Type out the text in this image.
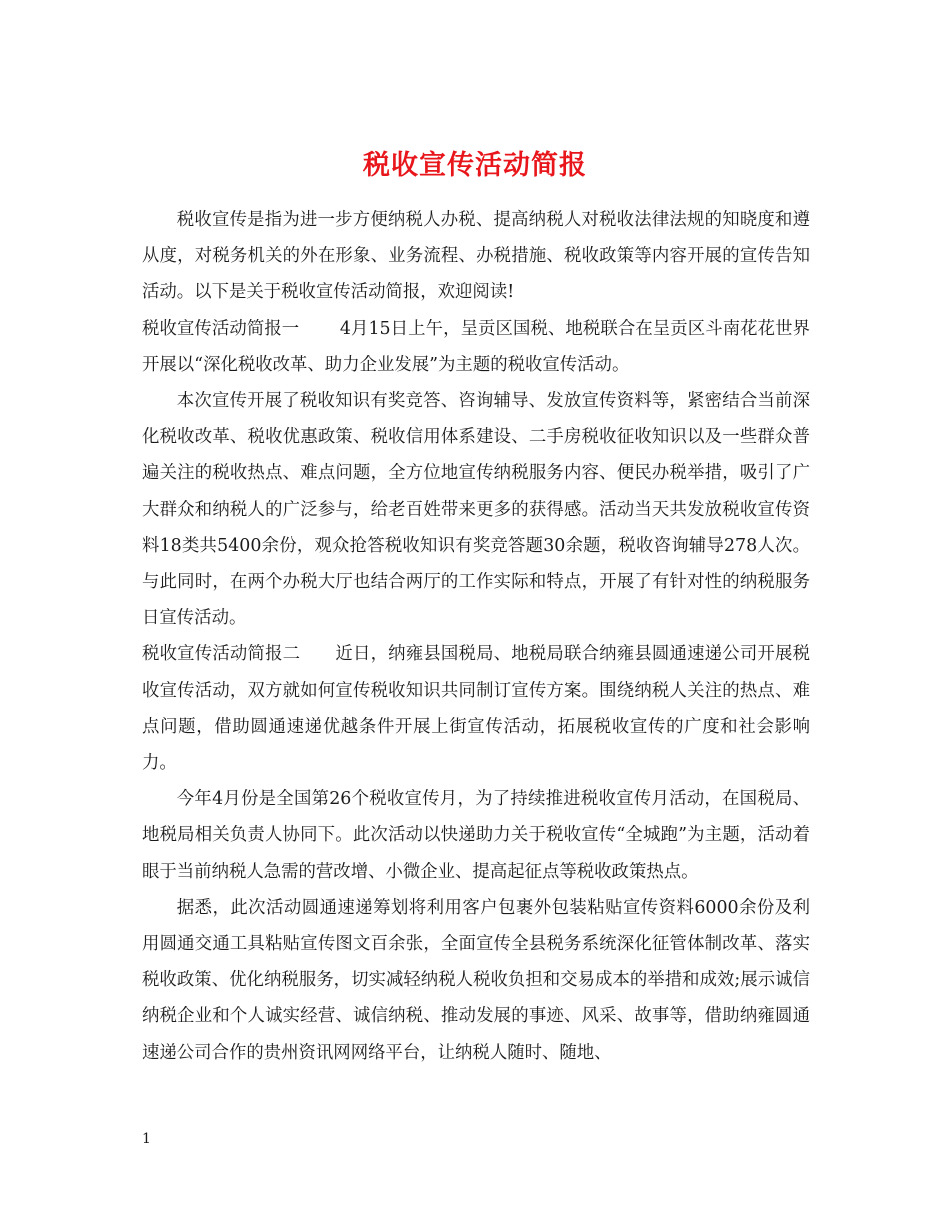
税收宣传活动简报

税收宣传是指为进一步方便纳税人办税、提高纳税人对税收法律法规的知晓度和遵从度，对税务机关的外在形象、业务流程、办税措施、税收政策等内容开展的宣传告知活动。以下是关于税收宣传活动简报，欢迎阅读!

税收宣传活动简报一　　 4月15日上午，呈贡区国税、地税联合在呈贡区斗南花花世界开展以“深化税收改革、助力企业发展”为主题的税收宣传活动。

本次宣传开展了税收知识有奖竞答、咨询辅导、发放宣传资料等，紧密结合当前深化税收改革、税收优惠政策、税收信用体系建设、二手房税收征收知识以及一些群众普遍关注的税收热点、难点问题，全方位地宣传纳税服务内容、便民办税举措，吸引了广大群众和纳税人的广泛参与，给老百姓带来更多的获得感。活动当天共发放税收宣传资料18类共5400余份，观众抢答税收知识有奖竞答题30余题，税收咨询辅导278人次。与此同时，在两个办税大厅也结合两厅的工作实际和特点，开展了有针对性的纳税服务日宣传活动。

税收宣传活动简报二　　近日，纳雍县国税局、地税局联合纳雍县圆通速递公司开展税收宣传活动，双方就如何宣传税收知识共同制订宣传方案。围绕纳税人关注的热点、难点问题，借助圆通速递优越条件开展上街宣传活动，拓展税收宣传的广度和社会影响力。

今年4月份是全国第26个税收宣传月，为了持续推进税收宣传月活动，在国税局、地税局相关负责人协同下。此次活动以快递助力关于税收宣传“全城跑”为主题，活动着眼于当前纳税人急需的营改增、小微企业、提高起征点等税收政策热点。

据悉，此次活动圆通速递筹划将利用客户包裹外包装粘贴宣传资料6000余份及利用圆通交通工具粘贴宣传图文百余张，全面宣传全县税务系统深化征管体制改革、落实税收政策、优化纳税服务，切实减轻纳税人税收负担和交易成本的举措和成效;展示诚信纳税企业和个人诚实经营、诚信纳税、推动发展的事迹、风采、故事等，借助纳雍圆通速递公司合作的贵州资讯网网络平台，让纳税人随时、随地、

1
